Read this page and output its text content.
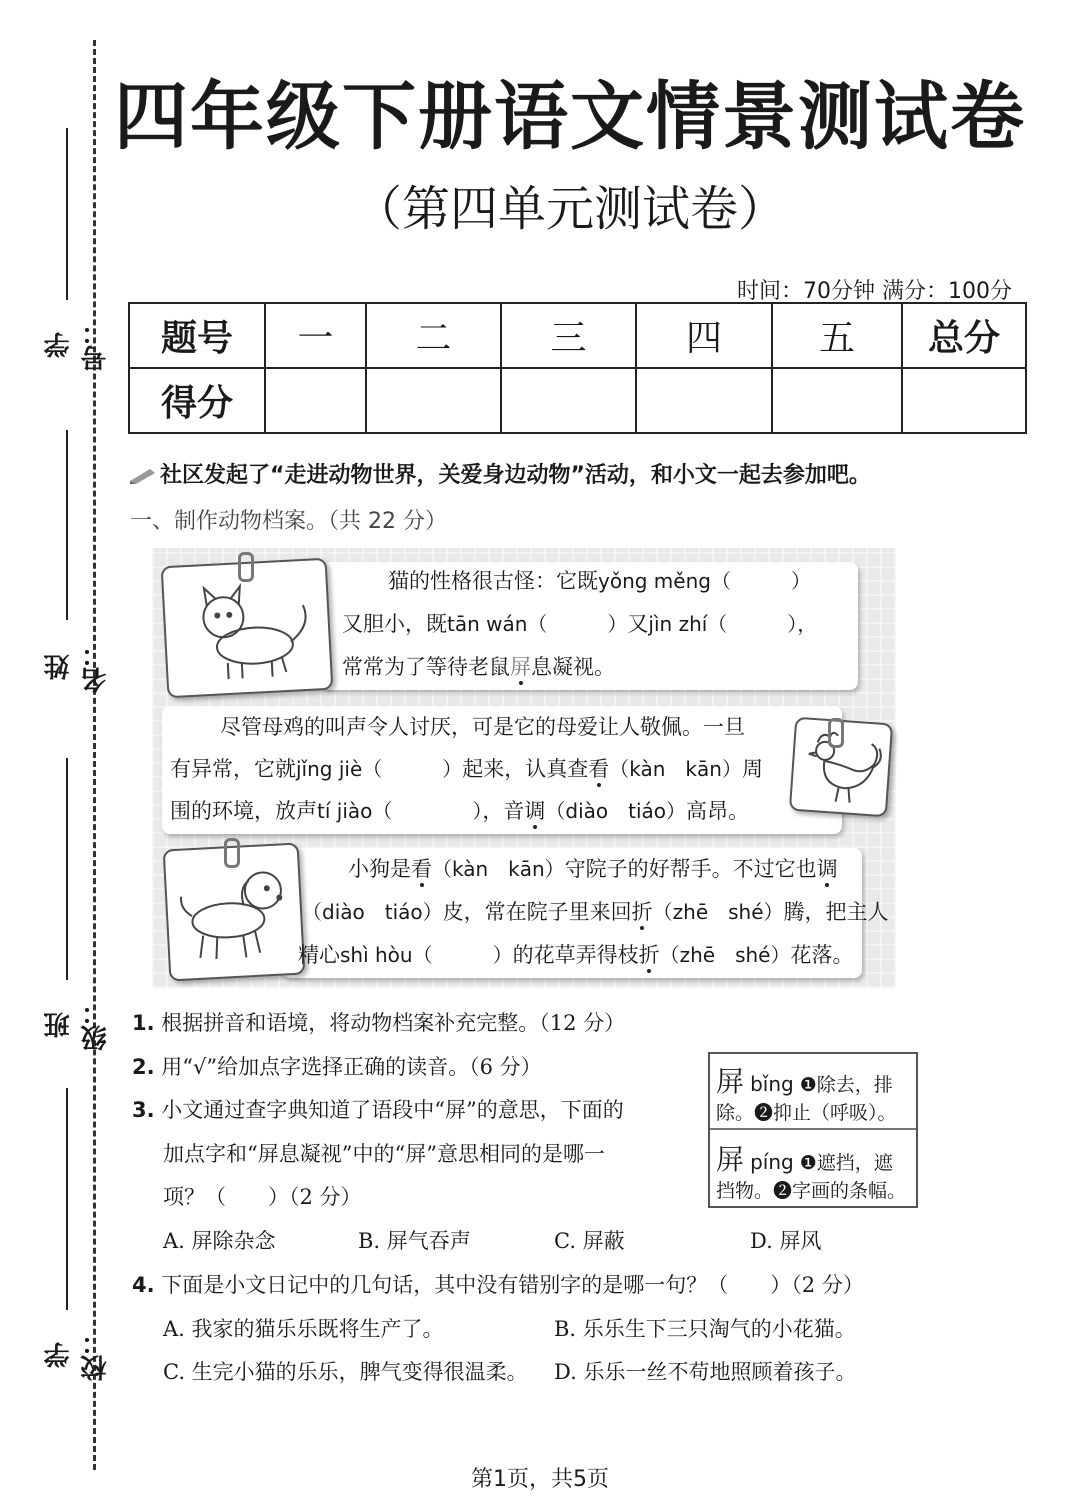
学号：
姓名：
班级：
学校：
四年级下册语文情景测试卷
（第四单元测试卷）
时间：70分钟 满分：100分
题号	一	二	三	四	五	总分
得分						
社区发起了“走进动物世界，关爱身边动物”活动，和小文一起去参加吧。
一、制作动物档案。（共 22 分）
猫的性格很古怪：它既yǒng měng（　　　）
又胆小，既tān wán（　　　）又jìn zhí（　　　），
常常为了等待老鼠屏息凝视。
尽管母鸡的叫声令人讨厌，可是它的母爱让人敬佩。一旦
有异常，它就jǐng jiè（　　　）起来，认真查看（kàn　kān）周
围的环境，放声tí jiào（　　　　），音调（diào　tiáo）高昂。
小狗是看（kàn　kān）守院子的好帮手。不过它也调
（diào　tiáo）皮，常在院子里来回折（zhē　shé）腾，把主人
精心shì hòu（　　　）的花草弄得枝折（zhē　shé）花落。
1. 根据拼音和语境，将动物档案补充完整。（12 分）
2. 用“√”给加点字选择正确的读音。（6 分）
3. 小文通过查字典知道了语段中“屏”的意思，下面的
加点字和“屏息凝视”中的“屏”意思相同的是哪一
项？（　　）（2 分）
A. 屏除杂念	B. 屏气吞声	C. 屏蔽	D. 屏风
4. 下面是小文日记中的几句话，其中没有错别字的是哪一句？（　　）（2 分）
A. 我家的猫乐乐既将生产了。	B. 乐乐生下三只淘气的小花猫。
C. 生完小猫的乐乐，脾气变得很温柔。 D. 乐乐一丝不苟地照顾着孩子。
屏 bǐng ❶除去，排
除。❷抑止（呼吸）。
屏 píng ❶遮挡，遮
挡物。❷字画的条幅。
第1页，共5页
